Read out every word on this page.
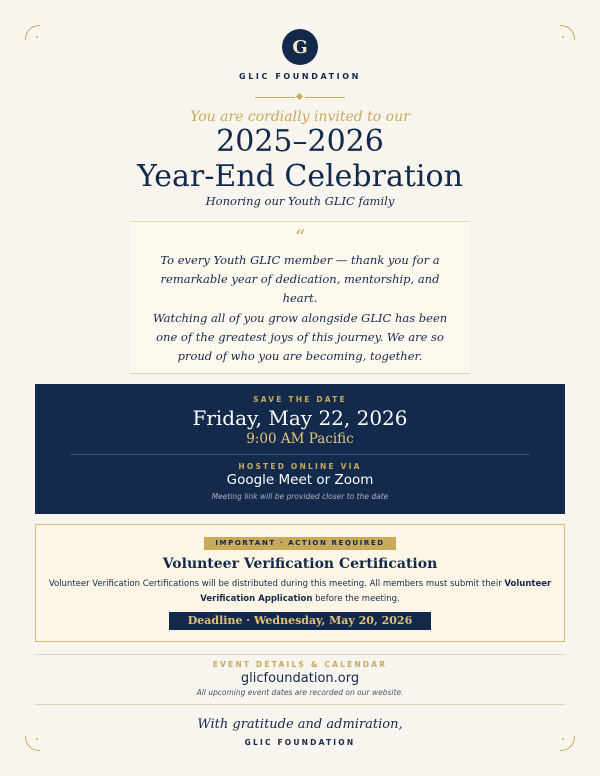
G
GLIC FOUNDATION
You are cordially invited to our
2025–2026
Year-End Celebration
Honoring our Youth GLIC family
“

To every Youth GLIC member — thank you for a remarkable year of dedication, mentorship, and heart.

Watching all of you grow alongside GLIC has been one of the greatest joys of this journey. We are so proud of who you are becoming, together.

SAVE THE DATE
Friday, May 22, 2026
9:00 AM Pacific
HOSTED ONLINE VIA
Google Meet or Zoom
Meeting link will be provided closer to the date
IMPORTANT · ACTION REQUIRED
Volunteer Verification Certification

Volunteer Verification Certifications will be distributed during this meeting. All members must submit their Volunteer Verification Application before the meeting.

Deadline · Wednesday, May 20, 2026
EVENT DETAILS & CALENDAR
glicfoundation.org
All upcoming event dates are recorded on our website.
With gratitude and admiration,
GLIC FOUNDATION
